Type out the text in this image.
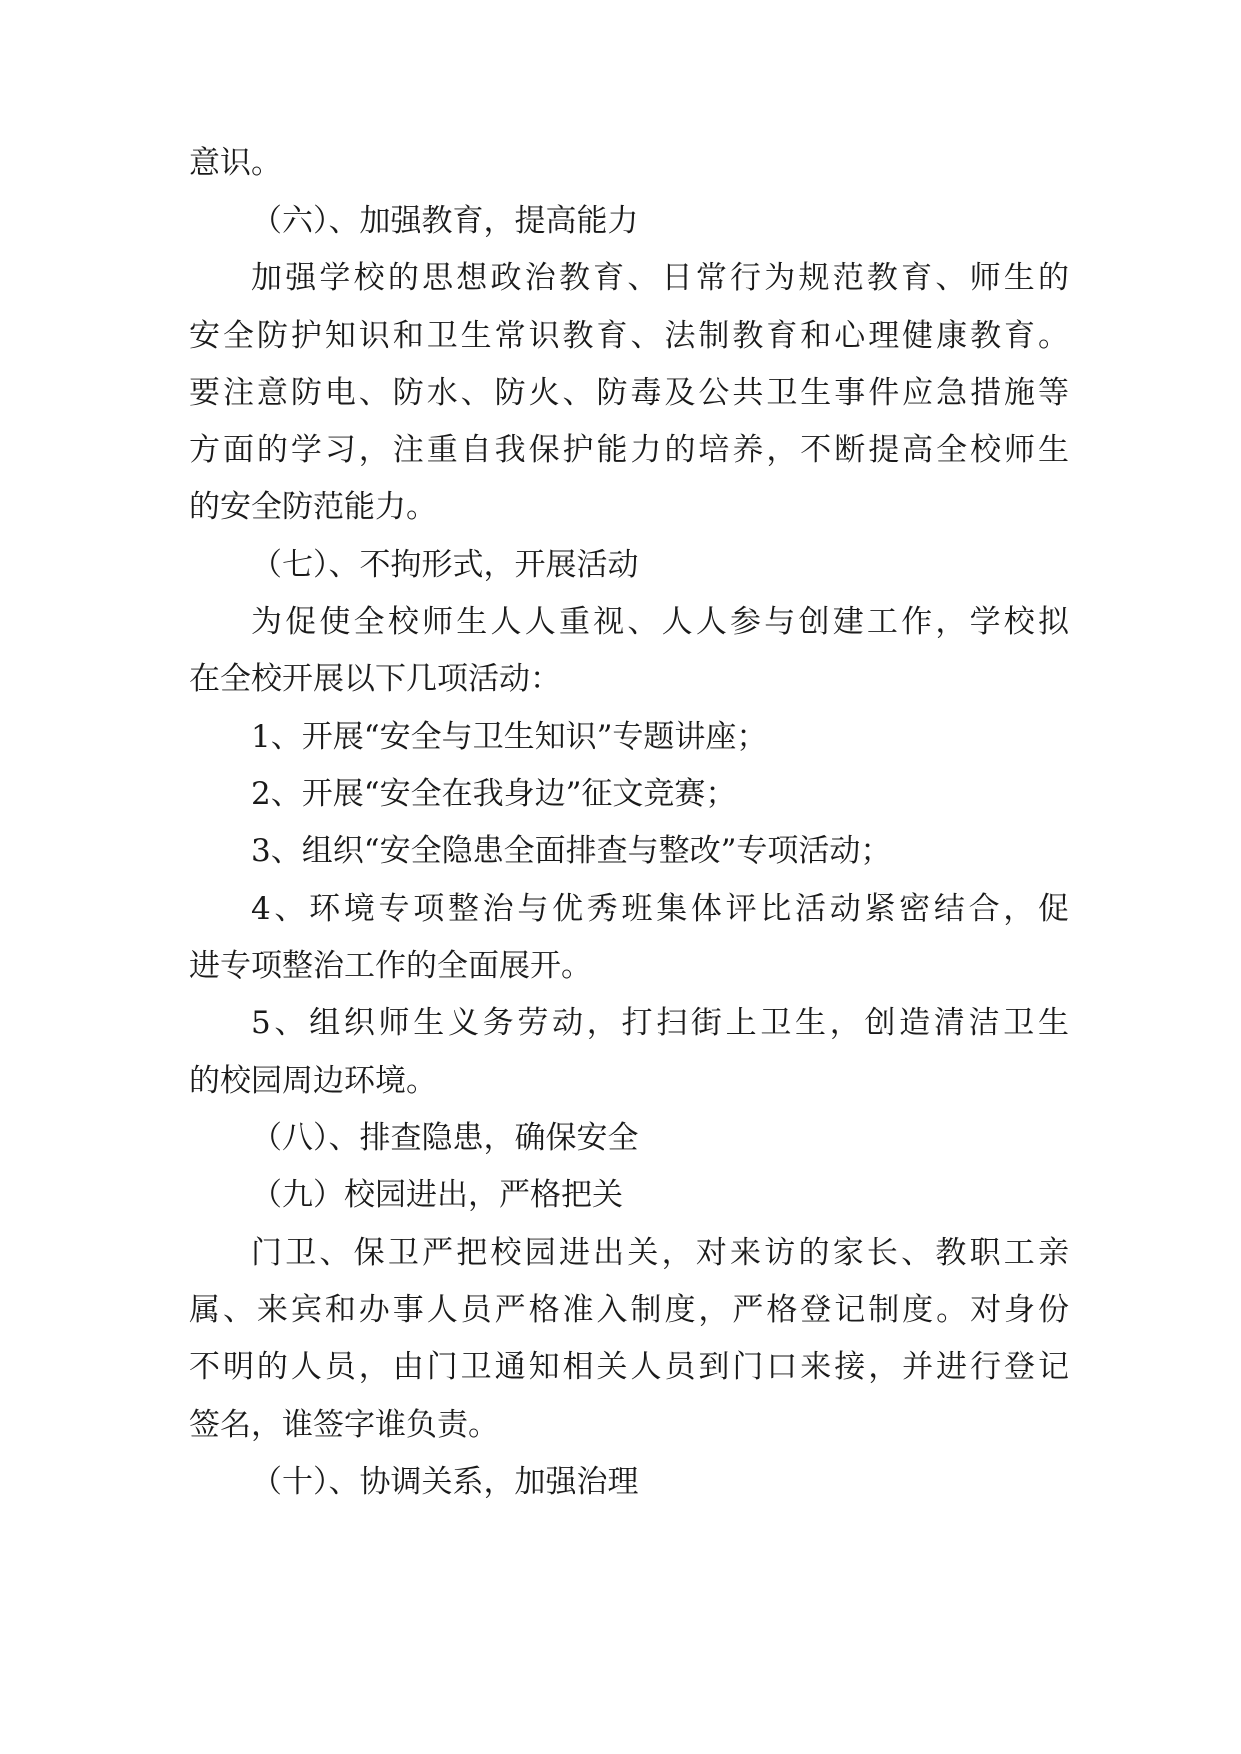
意识。
（六）、加强教育，提高能力
加强学校的思想政治教育、日常行为规范教育、师生的
安全防护知识和卫生常识教育、法制教育和心理健康教育。
要注意防电、防水、防火、防毒及公共卫生事件应急措施等
方面的学习，注重自我保护能力的培养，不断提高全校师生
的安全防范能力。
（七）、不拘形式，开展活动
为促使全校师生人人重视、人人参与创建工作，学校拟
在全校开展以下几项活动：
1、开展“安全与卫生知识”专题讲座；
2、开展“安全在我身边”征文竞赛；
3、组织“安全隐患全面排查与整改”专项活动；
4、环境专项整治与优秀班集体评比活动紧密结合，促
进专项整治工作的全面展开。
5、组织师生义务劳动，打扫街上卫生，创造清洁卫生
的校园周边环境。
（八）、排查隐患，确保安全
（九）校园进出，严格把关
门卫、保卫严把校园进出关，对来访的家长、教职工亲
属、来宾和办事人员严格准入制度，严格登记制度。对身份
不明的人员，由门卫通知相关人员到门口来接，并进行登记
签名，谁签字谁负责。
（十）、协调关系，加强治理
